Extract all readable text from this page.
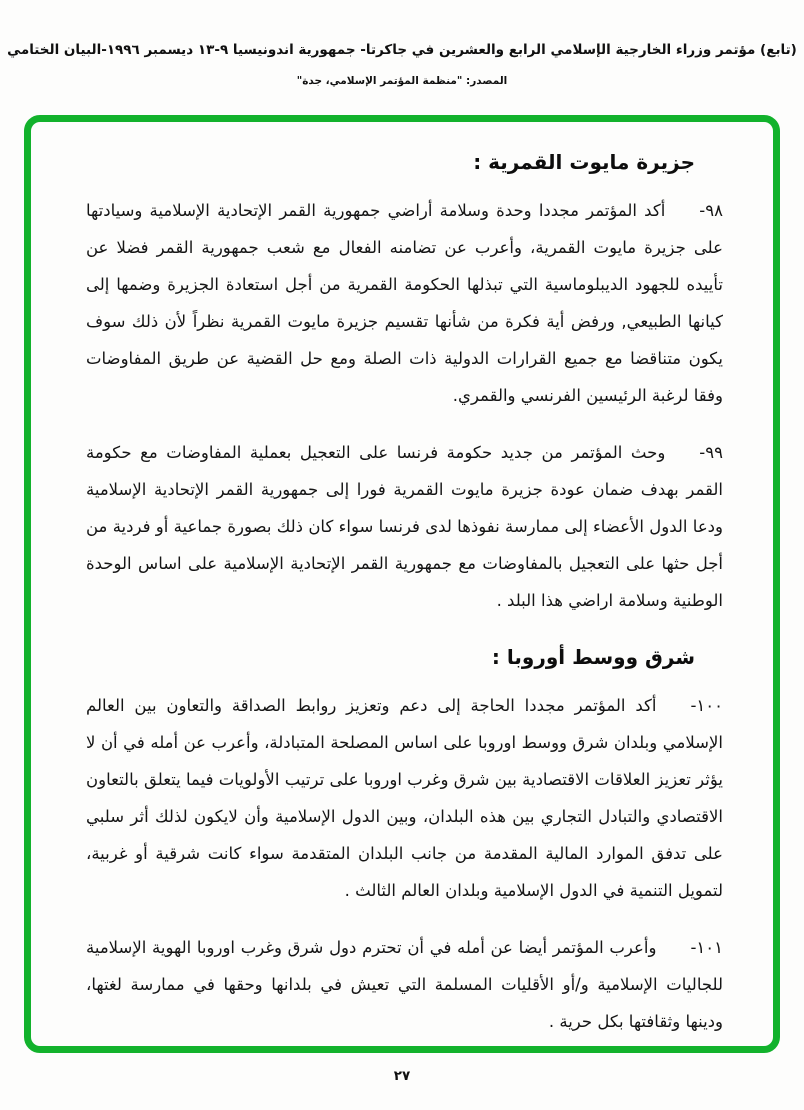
(تابع) مؤتمر وزراء الخارجية الإسلامي الرابع والعشرين في جاكرتا- جمهورية اندونيسيا ٩-١٣ ديسمبر ١٩٩٦-البيان الختامي
المصدر: "منظمة المؤتمر الإسلامي، جدة"
جزيرة مايوت القمرية :

٩٨-أكد المؤتمر مجددا وحدة وسلامة أراضي جمهورية القمر الإتحادية الإسلامية وسيادتها على جزيرة مايوت القمرية، وأعرب عن تضامنه الفعال مع شعب جمهورية القمر فضلا عن تأييده للجهود الديبلوماسية التي تبذلها الحكومة القمرية من أجل استعادة الجزيرة وضمها إلى كيانها الطبيعي, ورفض أية فكرة من شأنها تقسيم جزيرة مايوت القمرية نظراً لأن ذلك سوف يكون متناقضا مع جميع القرارات الدولية ذات الصلة ومع حل القضية عن طريق المفاوضات وفقا لرغبة الرئيسين الفرنسي والقمري.

٩٩-وحث المؤتمر من جديد حكومة فرنسا على التعجيل بعملية المفاوضات مع حكومة القمر بهدف ضمان عودة جزيرة مايوت القمرية فورا إلى جمهورية القمر الإتحادية الإسلامية ودعا الدول الأعضاء إلى ممارسة نفوذها لدى فرنسا سواء كان ذلك بصورة جماعية أو فردية من أجل حثها على التعجيل بالمفاوضات مع جمهورية القمر الإتحادية الإسلامية على اساس الوحدة الوطنية وسلامة اراضي هذا البلد .

شرق ووسط أوروبا :

١٠٠-أكد المؤتمر مجددا الحاجة إلى دعم وتعزيز روابط الصداقة والتعاون بين العالم الإسلامي وبلدان شرق ووسط اوروبا على اساس المصلحة المتبادلة، وأعرب عن أمله في أن لا يؤثر تعزيز العلاقات الاقتصادية بين شرق وغرب اوروبا على ترتيب الأولويات فيما يتعلق بالتعاون الاقتصادي والتبادل التجاري بين هذه البلدان، وبين الدول الإسلامية وأن لايكون لذلك أثر سلبي على تدفق الموارد المالية المقدمة من جانب البلدان المتقدمة سواء كانت شرقية أو غربية، لتمويل التنمية في الدول الإسلامية وبلدان العالم الثالث .

١٠١-وأعرب المؤتمر أيضا عن أمله في أن تحترم دول شرق وغرب اوروبا الهوية الإسلامية للجاليات الإسلامية و/أو الأقليات المسلمة التي تعيش في بلدانها وحقها في ممارسة لغتها، ودينها وثقافتها بكل حرية .

٢٧
